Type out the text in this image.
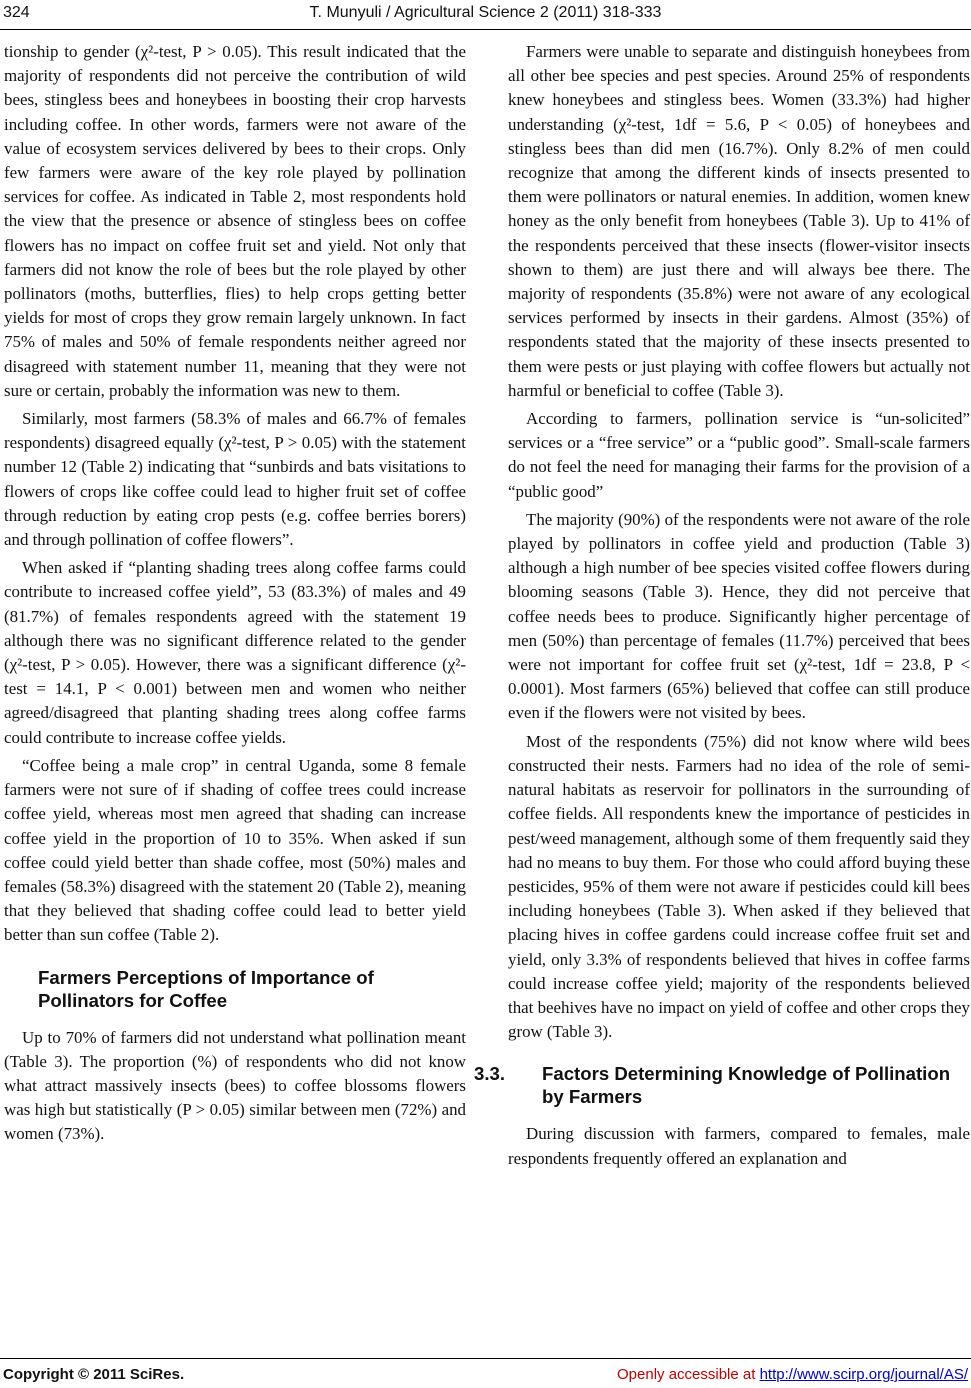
324	T. Munyuli / Agricultural Science 2 (2011) 318-333

tionship to gender (χ²-test, P > 0.05). This result indicated that the majority of respondents did not perceive the contribution of wild bees, stingless bees and honeybees in boosting their crop harvests including coffee. In other words, farmers were not aware of the value of ecosystem services delivered by bees to their crops. Only few farmers were aware of the key role played by pollination services for coffee. As indicated in Table 2, most respondents hold the view that the presence or absence of stingless bees on coffee flowers has no impact on coffee fruit set and yield. Not only that farmers did not know the role of bees but the role played by other pollinators (moths, butterflies, flies) to help crops getting better yields for most of crops they grow remain largely unknown. In fact 75% of males and 50% of female respondents neither agreed nor disagreed with statement number 11, meaning that they were not sure or certain, probably the information was new to them.

Similarly, most farmers (58.3% of males and 66.7% of females respondents) disagreed equally (χ²-test, P > 0.05) with the statement number 12 (Table 2) indicating that “sunbirds and bats visitations to flowers of crops like coffee could lead to higher fruit set of coffee through reduction by eating crop pests (e.g. coffee berries borers) and through pollination of coffee flowers”.

When asked if “planting shading trees along coffee farms could contribute to increased coffee yield”, 53 (83.3%) of males and 49 (81.7%) of females respondents agreed with the statement 19 although there was no significant difference related to the gender (χ²-test, P > 0.05). However, there was a significant difference (χ²-test = 14.1, P < 0.001) between men and women who neither agreed/disagreed that planting shading trees along coffee farms could contribute to increase coffee yields.

“Coffee being a male crop” in central Uganda, some 8 female farmers were not sure of if shading of coffee trees could increase coffee yield, whereas most men agreed that shading can increase coffee yield in the proportion of 10 to 35%. When asked if sun coffee could yield better than shade coffee, most (50%) males and females (58.3%) disagreed with the statement 20 (Table 2), meaning that they believed that shading coffee could lead to better yield better than sun coffee (Table 2).

Farmers Perceptions of Importance of Pollinators for Coffee

Up to 70% of farmers did not understand what pollination meant (Table 3). The proportion (%) of respondents who did not know what attract massively insects (bees) to coffee blossoms flowers was high but statistically (P > 0.05) similar between men (72%) and women (73%).

Farmers were unable to separate and distinguish honeybees from all other bee species and pest species. Around 25% of respondents knew honeybees and stingless bees. Women (33.3%) had higher understanding (χ²-test, 1df = 5.6, P < 0.05) of honeybees and stingless bees than did men (16.7%). Only 8.2% of men could recognize that among the different kinds of insects presented to them were pollinators or natural enemies. In addition, women knew honey as the only benefit from honeybees (Table 3). Up to 41% of the respondents perceived that these insects (flower-visitor insects shown to them) are just there and will always bee there. The majority of respondents (35.8%) were not aware of any ecological services performed by insects in their gardens. Almost (35%) of respondents stated that the majority of these insects presented to them were pests or just playing with coffee flowers but actually not harmful or beneficial to coffee (Table 3).

According to farmers, pollination service is “un-solicited” services or a “free service” or a “public good”. Small-scale farmers do not feel the need for managing their farms for the provision of a “public good”

The majority (90%) of the respondents were not aware of the role played by pollinators in coffee yield and production (Table 3) although a high number of bee species visited coffee flowers during blooming seasons (Table 3). Hence, they did not perceive that coffee needs bees to produce. Significantly higher percentage of men (50%) than percentage of females (11.7%) perceived that bees were not important for coffee fruit set (χ²-test, 1df = 23.8, P < 0.0001). Most farmers (65%) believed that coffee can still produce even if the flowers were not visited by bees.

Most of the respondents (75%) did not know where wild bees constructed their nests. Farmers had no idea of the role of semi-natural habitats as reservoir for pollinators in the surrounding of coffee fields. All respondents knew the importance of pesticides in pest/weed management, although some of them frequently said they had no means to buy them. For those who could afford buying these pesticides, 95% of them were not aware if pesticides could kill bees including honeybees (Table 3). When asked if they believed that placing hives in coffee gardens could increase coffee fruit set and yield, only 3.3% of respondents believed that hives in coffee farms could increase coffee yield; majority of the respondents believed that beehives have no impact on yield of coffee and other crops they grow (Table 3).

3.3. Factors Determining Knowledge of Pollination by Farmers

During discussion with farmers, compared to females, male respondents frequently offered an explanation and

Copyright © 2011 SciRes.	Openly accessible at http://www.scirp.org/journal/AS/
